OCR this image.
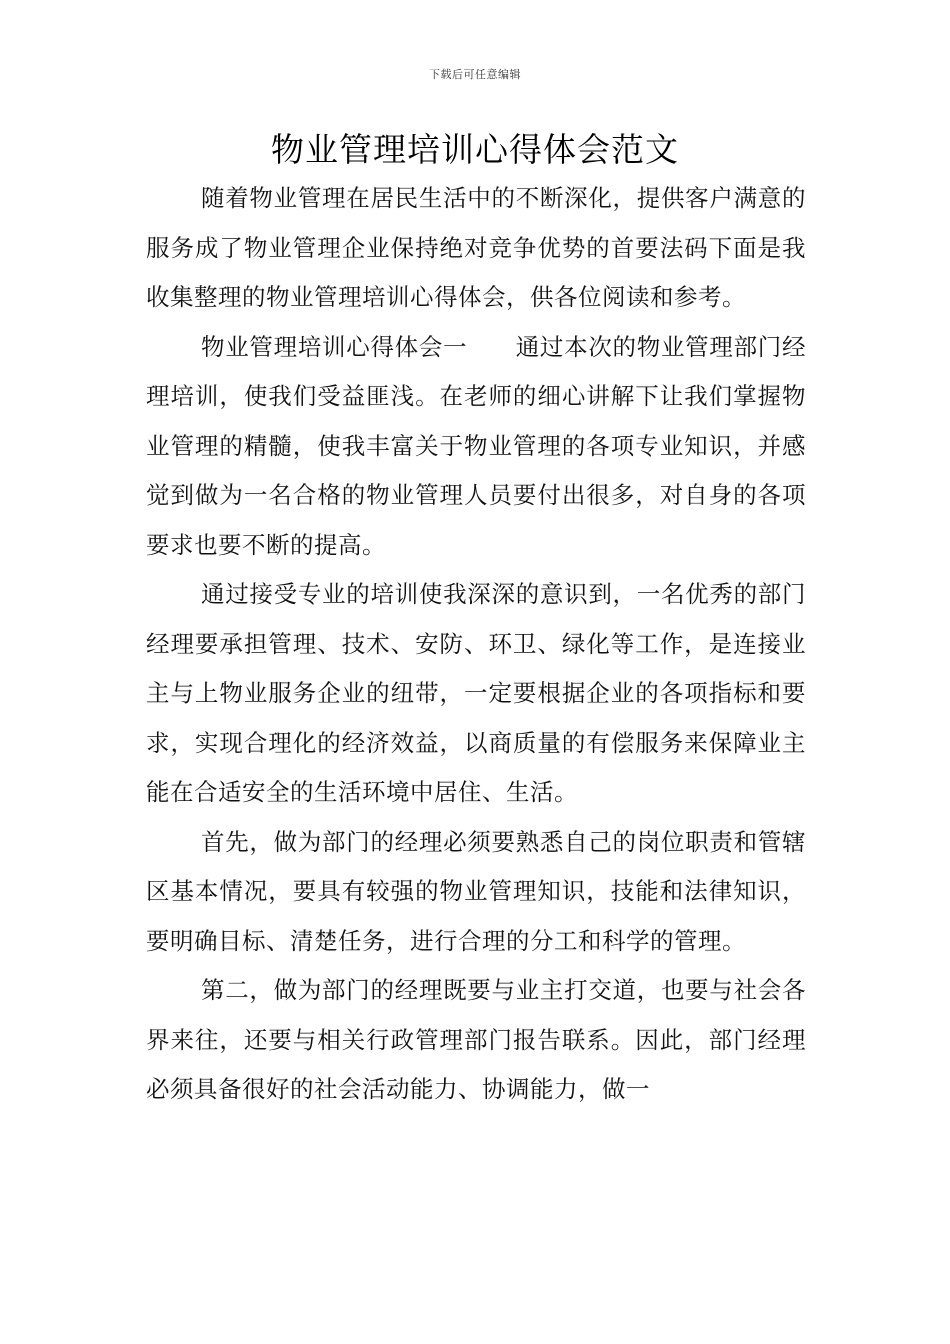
下载后可任意编辑
物业管理培训心得体会范文

随着物业管理在居民生活中的不断深化，提供客户满意的服务成了物业管理企业保持绝对竞争优势的首要法码下面是我收集整理的物业管理培训心得体会，供各位阅读和参考。

物业管理培训心得体会一　　通过本次的物业管理部门经理培训，使我们受益匪浅。在老师的细心讲解下让我们掌握物业管理的精髓，使我丰富关于物业管理的各项专业知识，并感觉到做为一名合格的物业管理人员要付出很多，对自身的各项要求也要不断的提高。

通过接受专业的培训使我深深的意识到，一名优秀的部门经理要承担管理、技术、安防、环卫、绿化等工作，是连接业主与上物业服务企业的纽带，一定要根据企业的各项指标和要求，实现合理化的经济效益，以商质量的有偿服务来保障业主能在合适安全的生活环境中居住、生活。

首先，做为部门的经理必须要熟悉自己的岗位职责和管辖区基本情况，要具有较强的物业管理知识，技能和法律知识，要明确目标、清楚任务，进行合理的分工和科学的管理。

第二，做为部门的经理既要与业主打交道，也要与社会各界来往，还要与相关行政管理部门报告联系。因此，部门经理必须具备很好的社会活动能力、协调能力，做一
